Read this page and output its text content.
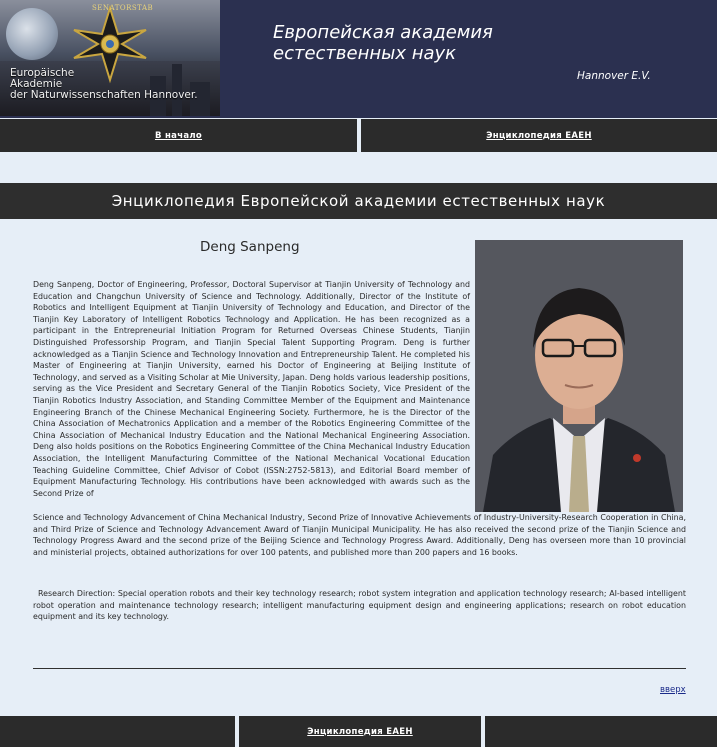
SENATORSTAB
Europäische
Akademie
der Naturwissenschaften Hannover.
Европейская академия
естественных наук
Hannover E.V.
В начало	Энциклопедия ЕАЕН
Энциклопедия Европейской академии естественных наук
Deng Sanpeng
Deng Sanpeng, Doctor of Engineering, Professor, Doctoral Supervisor at Tianjin University of Technology and Education and Changchun University of Science and Technology. Additionally, Director of the Institute of Robotics and Intelligent Equipment at Tianjin University of Technology and Education, and Director of the Tianjin Key Laboratory of Intelligent Robotics Technology and Application. He has been recognized as a participant in the Entrepreneurial Initiation Program for Returned Overseas Chinese Students, Tianjin Distinguished Professorship Program, and Tianjin Special Talent Supporting Program. Deng is further acknowledged as a Tianjin Science and Technology Innovation and Entrepreneurship Talent. He completed his Master of Engineering at Tianjin University, earned his Doctor of Engineering at Beijing Institute of Technology, and served as a Visiting Scholar at Mie University, Japan. Deng holds various leadership positions, serving as the Vice President and Secretary General of the Tianjin Robotics Society, Vice President of the Tianjin Robotics Industry Association, and Standing Committee Member of the Equipment and Maintenance Engineering Branch of the Chinese Mechanical Engineering Society. Furthermore, he is the Director of the China Association of Mechatronics Application and a member of the Robotics Engineering Committee of the China Association of Mechanical Industry Education and the National Mechanical Engineering Association. Deng also holds positions on the Robotics Engineering Committee of the China Mechanical Industry Education Association, the Intelligent Manufacturing Committee of the National Mechanical Vocational Education Teaching Guideline Committee, Chief Advisor of Cobot (ISSN:2752-5813), and Editorial Board member of Equipment Manufacturing Technology. His contributions have been acknowledged with awards such as the Second Prize of
Science and Technology Advancement of China Mechanical Industry, Second Prize of Innovative Achievements of Industry-University-Research Cooperation in China, and Third Prize of Science and Technology Advancement Award of Tianjin Municipal Municipality. He has also received the second prize of the Tianjin Science and Technology Progress Award and the second prize of the Beijing Science and Technology Progress Award. Additionally, Deng has overseen more than 10 provincial and ministerial projects, obtained authorizations for over 100 patents, and published more than 200 papers and 16 books.
Research Direction: Special operation robots and their key technology research; robot system integration and application technology research; AI-based intelligent robot operation and maintenance technology research; intelligent manufacturing equipment design and engineering applications; research on robot education equipment and its key technology.
вверх
Энциклопедия ЕАЕН
